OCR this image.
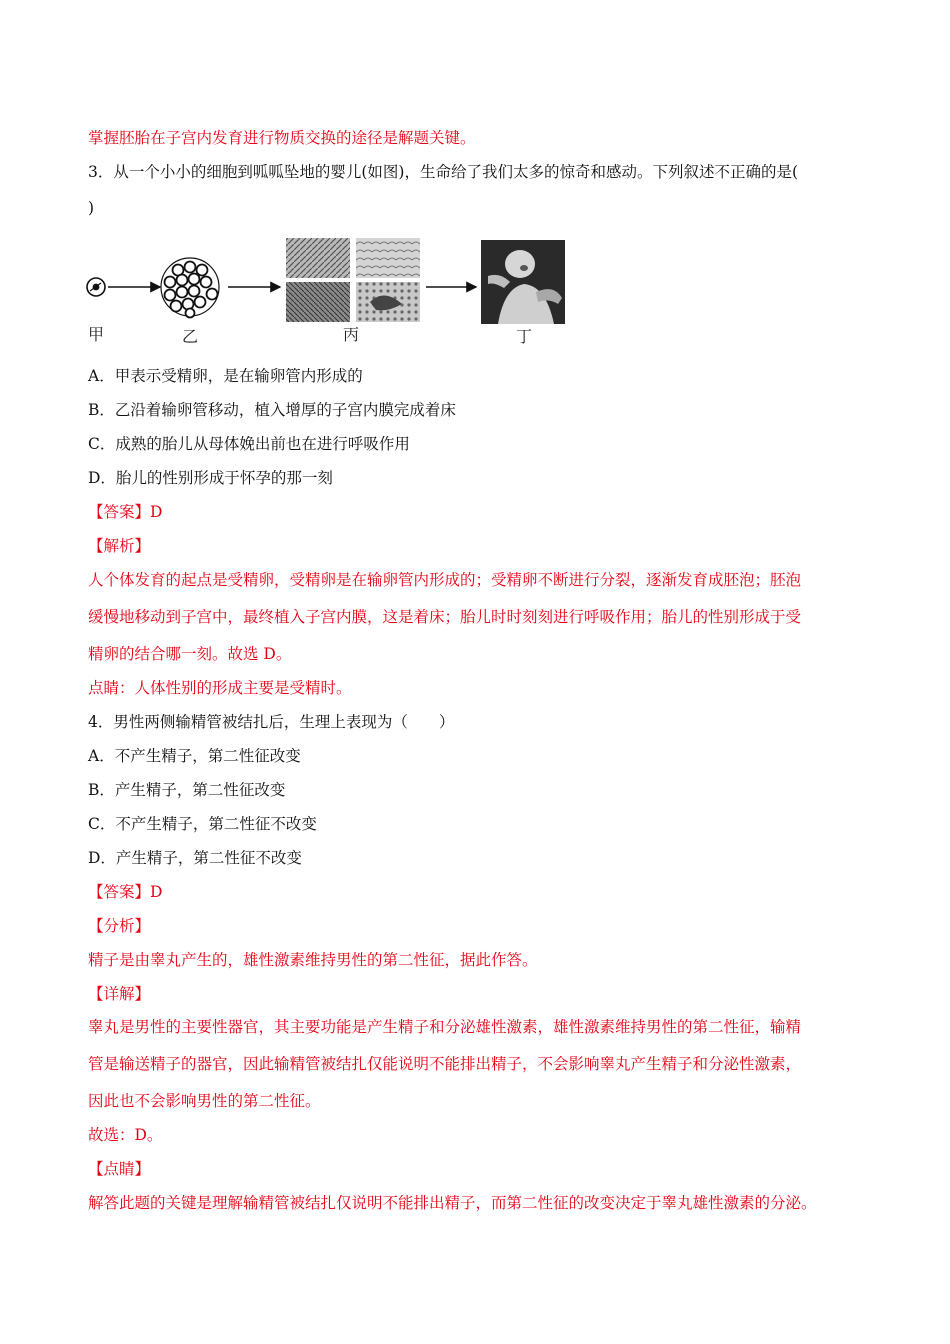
掌握胚胎在子宫内发育进行物质交换的途径是解题关键。
3．从一个小小的细胞到呱呱坠地的婴儿(如图)，生命给了我们太多的惊奇和感动。下列叙述不正确的是(
)
甲	乙	丙	丁
A．甲表示受精卵，是在输卵管内形成的
B．乙沿着输卵管移动，植入增厚的子宫内膜完成着床
C．成熟的胎儿从母体娩出前也在进行呼吸作用
D．胎儿的性别形成于怀孕的那一刻
【答案】D
【解析】
人个体发育的起点是受精卵，受精卵是在输卵管内形成的；受精卵不断进行分裂，逐渐发育成胚泡；胚泡
缓慢地移动到子宫中，最终植入子宫内膜，这是着床；胎儿时时刻刻进行呼吸作用；胎儿的性别形成于受
精卵的结合哪一刻。故选 D。
点睛：人体性别的形成主要是受精时。
4．男性两侧输精管被结扎后，生理上表现为（　　）
A．不产生精子，第二性征改变
B．产生精子，第二性征改变
C．不产生精子，第二性征不改变
D．产生精子，第二性征不改变
【答案】D
【分析】
精子是由睾丸产生的，雄性激素维持男性的第二性征，据此作答。
【详解】
睾丸是男性的主要性器官，其主要功能是产生精子和分泌雄性激素，雄性激素维持男性的第二性征，输精
管是输送精子的器官，因此输精管被结扎仅能说明不能排出精子，不会影响睾丸产生精子和分泌性激素，
因此也不会影响男性的第二性征。
故选：D。
【点睛】
解答此题的关键是理解输精管被结扎仅说明不能排出精子，而第二性征的改变决定于睾丸雄性激素的分泌。
